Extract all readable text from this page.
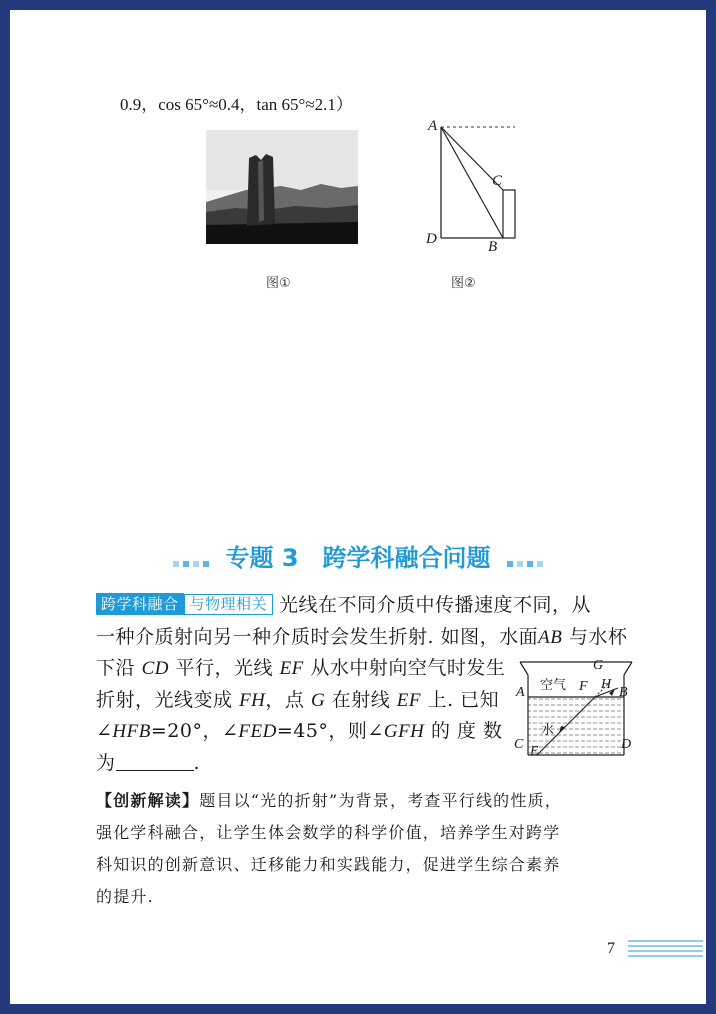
0.9，cos 65°≈0.4，tan 65°≈2.1）
图①
A
C
D	B
图②
专题 3　跨学科融合问题
跨学科融合 与物理相关 光线在不同介质中传播速度不同，从
一种介质射向另一种介质时会发生折射. 如图，水面AB 与水杯
下沿 CD 平行，光线 EF 从水中射向空气时发生
折射，光线变成 FH，点 G 在射线 EF 上. 已知
∠HFB=20°，∠FED=45°，则∠GFH 的 度 数
为	.
空气
水
A	B
C	D
E
F
G
H
【创新解读】题目以“光的折射”为背景，考查平行线的性质，
强化学科融合，让学生体会数学的科学价值，培养学生对跨学
科知识的创新意识、迁移能力和实践能力，促进学生综合素养
的提升.
7
